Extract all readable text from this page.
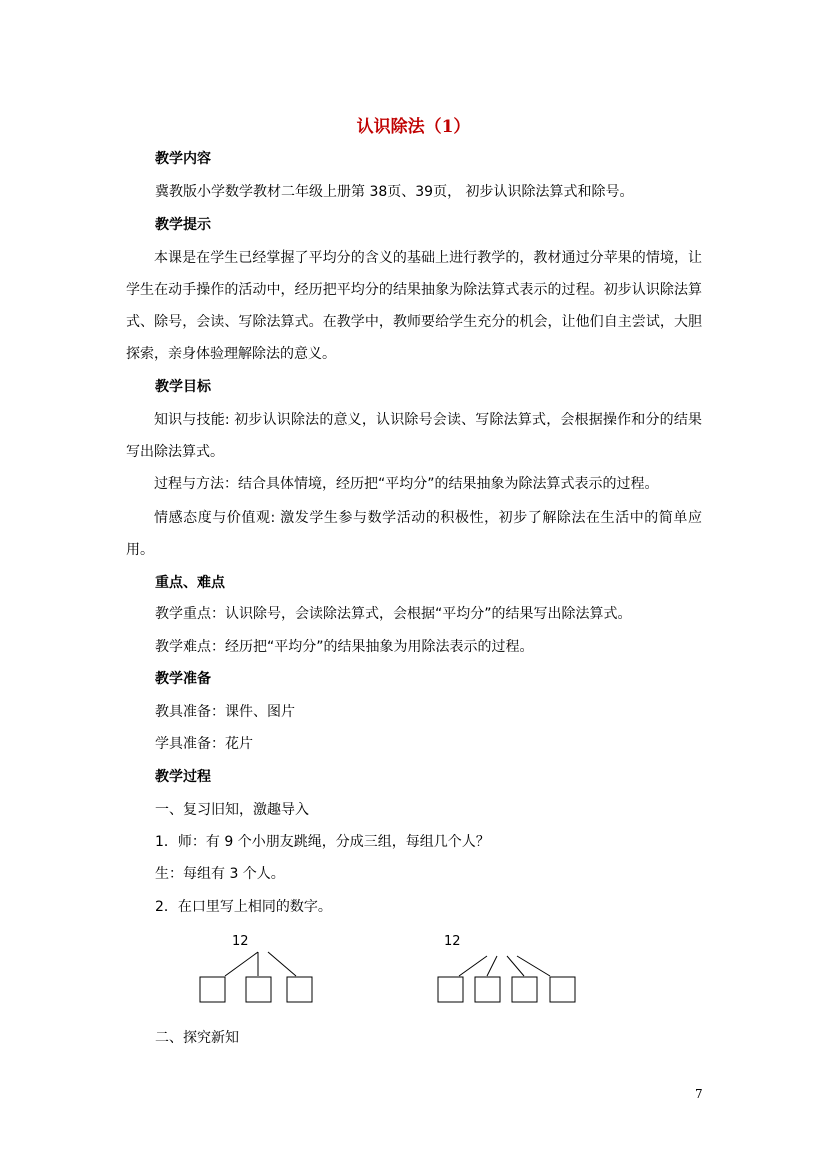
认识除法（1）
教学内容
冀教版小学数学教材二年级上册第 38页、39页， 初步认识除法算式和除号。
教学提示
本课是在学生已经掌握了平均分的含义的基础上进行教学的，教材通过分苹果的情境，让学生在动手操作的活动中，经历把平均分的结果抽象为除法算式表示的过程。初步认识除法算式、除号，会读、写除法算式。在教学中，教师要给学生充分的机会，让他们自主尝试，大胆探索，亲身体验理解除法的意义。
教学目标
知识与技能: 初步认识除法的意义，认识除号会读、写除法算式，会根据操作和分的结果写出除法算式。
过程与方法：结合具体情境，经历把“平均分”的结果抽象为除法算式表示的过程。
情感态度与价值观: 激发学生参与数学活动的积极性，初步了解除法在生活中的简单应用。
重点、难点
教学重点：认识除号，会读除法算式，会根据“平均分”的结果写出除法算式。
教学难点：经历把“平均分”的结果抽象为用除法表示的过程。
教学准备
教具准备：课件、图片
学具准备：花片
教学过程
一、复习旧知，激趣导入
1．师：有 9 个小朋友跳绳，分成三组，每组几个人？
生：每组有 3 个人。
2．在口里写上相同的数字。
12	12
二、探究新知
7
